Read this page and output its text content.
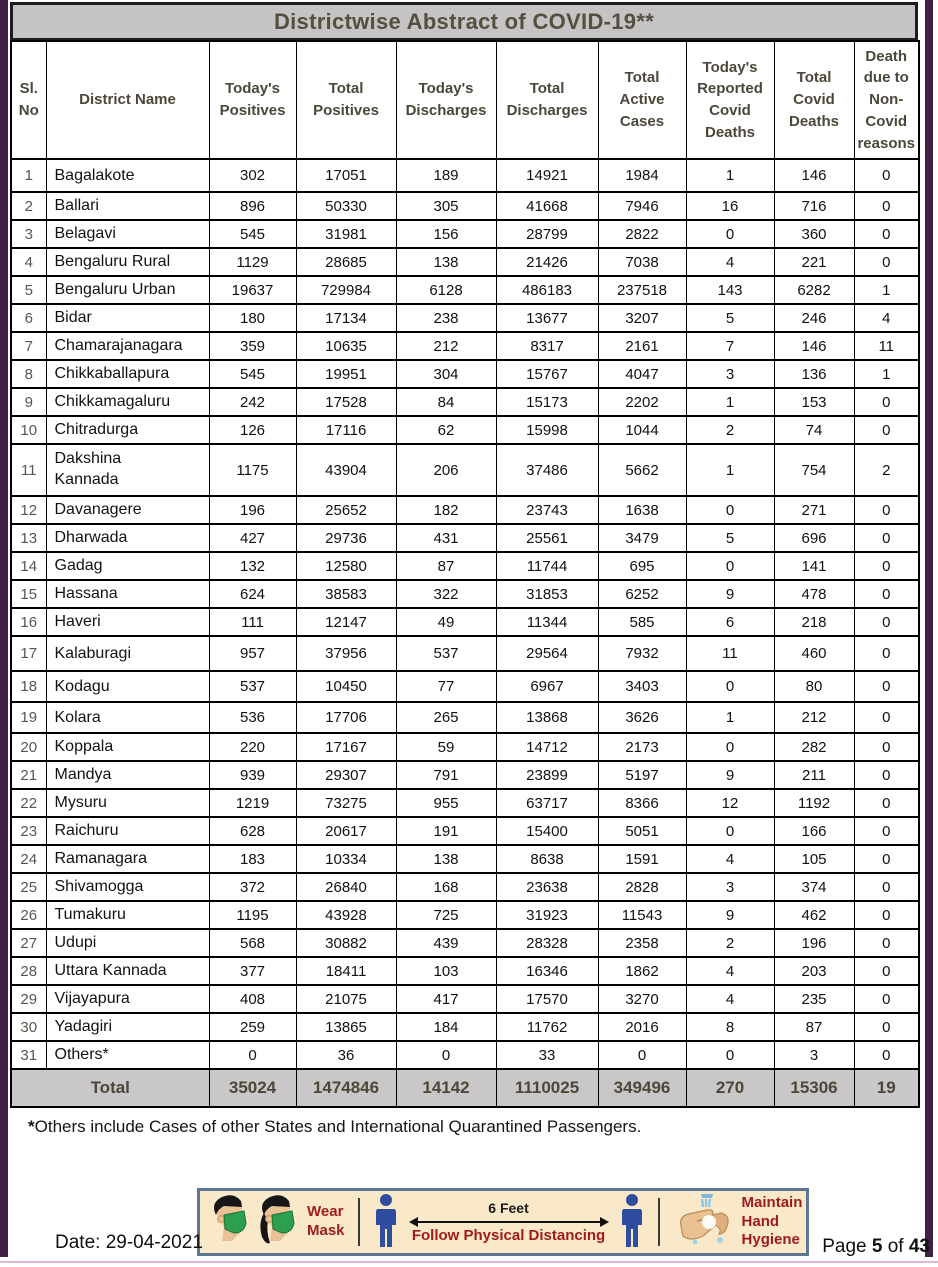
Districtwise Abstract of COVID-19**
Sl. No	District Name	Today's Positives	Total Positives	Today's Discharges	Total Discharges	Total Active Cases	Today's Reported Covid Deaths	Total Covid Deaths	Death due to Non-Covid reasons
1	Bagalakote	302	17051	189	14921	1984	1	146	0
2	Ballari	896	50330	305	41668	7946	16	716	0
3	Belagavi	545	31981	156	28799	2822	0	360	0
4	Bengaluru Rural	1129	28685	138	21426	7038	4	221	0
5	Bengaluru Urban	19637	729984	6128	486183	237518	143	6282	1
6	Bidar	180	17134	238	13677	3207	5	246	4
7	Chamarajanagara	359	10635	212	8317	2161	7	146	11
8	Chikkaballapura	545	19951	304	15767	4047	3	136	1
9	Chikkamagaluru	242	17528	84	15173	2202	1	153	0
10	Chitradurga	126	17116	62	15998	1044	2	74	0
11	Dakshina Kannada	1175	43904	206	37486	5662	1	754	2
12	Davanagere	196	25652	182	23743	1638	0	271	0
13	Dharwada	427	29736	431	25561	3479	5	696	0
14	Gadag	132	12580	87	11744	695	0	141	0
15	Hassana	624	38583	322	31853	6252	9	478	0
16	Haveri	111	12147	49	11344	585	6	218	0
17	Kalaburagi	957	37956	537	29564	7932	11	460	0
18	Kodagu	537	10450	77	6967	3403	0	80	0
19	Kolara	536	17706	265	13868	3626	1	212	0
20	Koppala	220	17167	59	14712	2173	0	282	0
21	Mandya	939	29307	791	23899	5197	9	211	0
22	Mysuru	1219	73275	955	63717	8366	12	1192	0
23	Raichuru	628	20617	191	15400	5051	0	166	0
24	Ramanagara	183	10334	138	8638	1591	4	105	0
25	Shivamogga	372	26840	168	23638	2828	3	374	0
26	Tumakuru	1195	43928	725	31923	11543	9	462	0
27	Udupi	568	30882	439	28328	2358	2	196	0
28	Uttara Kannada	377	18411	103	16346	1862	4	203	0
29	Vijayapura	408	21075	417	17570	3270	4	235	0
30	Yadagiri	259	13865	184	11762	2016	8	87	0
31	Others*	0	36	0	33	0	0	3	0
Total		35024	1474846	14142	1110025	349496	270	15306	19
*Others include Cases of other States and International Quarantined Passengers.
Wear Mask
6 Feet
Follow Physical Distancing
Maintain Hand Hygiene
Date: 29-04-2021	Page 5 of 43
